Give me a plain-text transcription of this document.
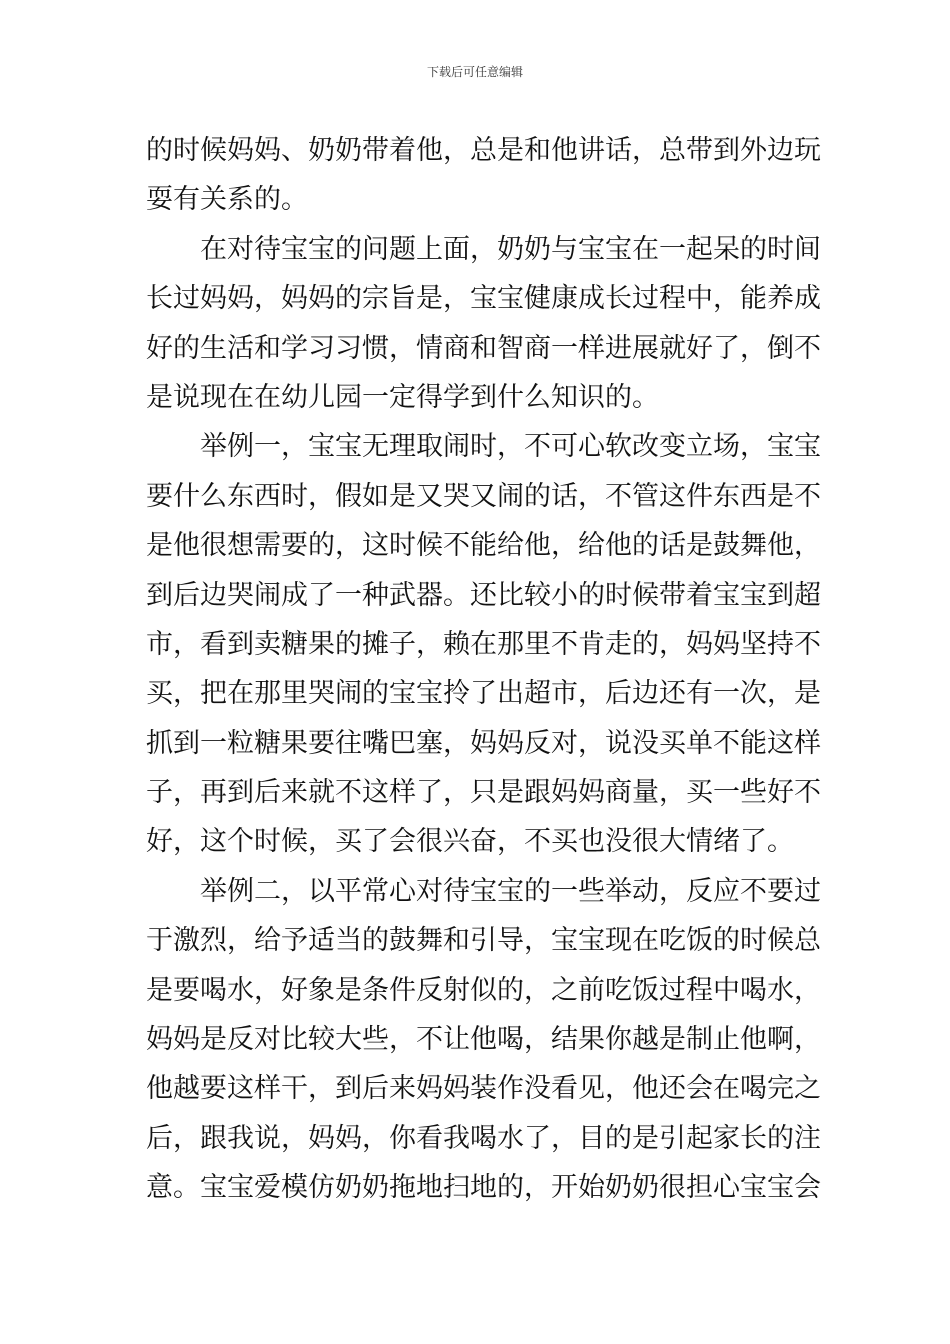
下载后可任意编辑
的时候妈妈、奶奶带着他，总是和他讲话，总带到外边玩
耍有关系的。
在对待宝宝的问题上面，奶奶与宝宝在一起呆的时间
长过妈妈，妈妈的宗旨是，宝宝健康成长过程中，能养成
好的生活和学习习惯，情商和智商一样进展就好了，倒不
是说现在在幼儿园一定得学到什么知识的。
举例一，宝宝无理取闹时，不可心软改变立场，宝宝
要什么东西时，假如是又哭又闹的话，不管这件东西是不
是他很想需要的，这时候不能给他，给他的话是鼓舞他，
到后边哭闹成了一种武器。还比较小的时候带着宝宝到超
市，看到卖糖果的摊子，赖在那里不肯走的，妈妈坚持不
买，把在那里哭闹的宝宝拎了出超市，后边还有一次，是
抓到一粒糖果要往嘴巴塞，妈妈反对，说没买单不能这样
子，再到后来就不这样了，只是跟妈妈商量，买一些好不
好，这个时候，买了会很兴奋，不买也没很大情绪了。
举例二，以平常心对待宝宝的一些举动，反应不要过
于激烈，给予适当的鼓舞和引导，宝宝现在吃饭的时候总
是要喝水，好象是条件反射似的，之前吃饭过程中喝水，
妈妈是反对比较大些，不让他喝，结果你越是制止他啊，
他越要这样干，到后来妈妈装作没看见，他还会在喝完之
后，跟我说，妈妈，你看我喝水了，目的是引起家长的注
意。宝宝爱模仿奶奶拖地扫地的，开始奶奶很担心宝宝会
